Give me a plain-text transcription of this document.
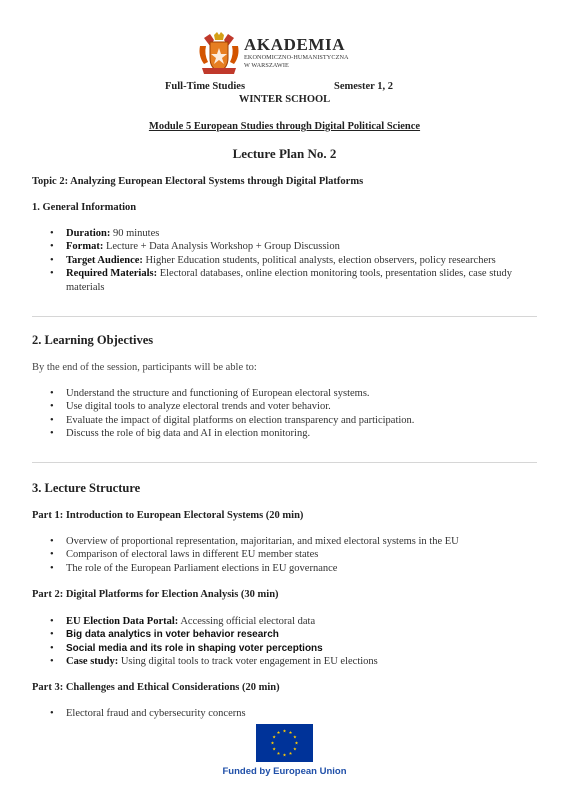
AKADEMIA
EKONOMICZNO-HUMANISTYCZNA
W WARSZAWIE
Full-Time Studies	Semester 1, 2
WINTER SCHOOL
Module 5 European Studies through Digital Political Science
Lecture Plan No. 2
Topic 2: Analyzing European Electoral Systems through Digital Platforms
1. General Information
• Duration: 90 minutes
• Format: Lecture + Data Analysis Workshop + Group Discussion
• Target Audience: Higher Education students, political analysts, election observers, policy researchers
• Required Materials: Electoral databases, online election monitoring tools, presentation slides, case study materials
2. Learning Objectives
By the end of the session, participants will be able to:
• Understand the structure and functioning of European electoral systems.
• Use digital tools to analyze electoral trends and voter behavior.
• Evaluate the impact of digital platforms on election transparency and participation.
• Discuss the role of big data and AI in election monitoring.
3. Lecture Structure
Part 1: Introduction to European Electoral Systems (20 min)
• Overview of proportional representation, majoritarian, and mixed electoral systems in the EU
• Comparison of electoral laws in different EU member states
• The role of the European Parliament elections in EU governance
Part 2: Digital Platforms for Election Analysis (30 min)
• EU Election Data Portal: Accessing official electoral data
• Big data analytics in voter behavior research
• Social media and its role in shaping voter perceptions
• Case study: Using digital tools to track voter engagement in EU elections
Part 3: Challenges and Ethical Considerations (20 min)
• Electoral fraud and cybersecurity concerns
Funded by European Union
